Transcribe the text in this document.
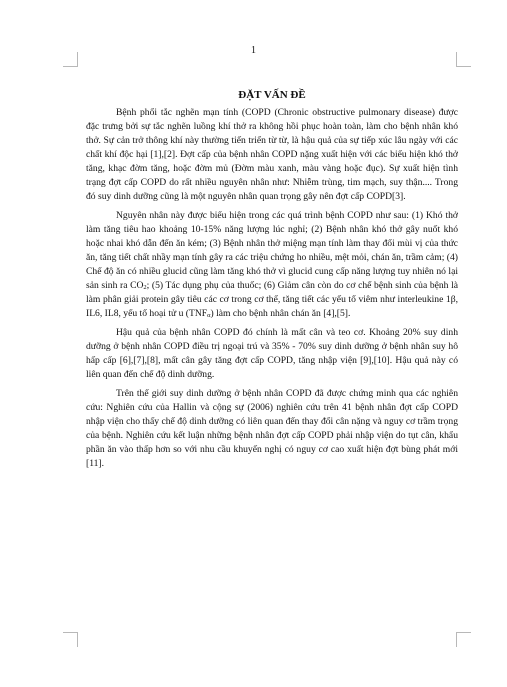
1
ĐẶT VẤN ĐỀ

Bệnh phổi tắc nghẽn mạn tính (COPD (Chronic obstructive pulmonary disease) được đặc trưng bởi sự tắc nghẽn luồng khí thở ra không hồi phục hoàn toàn, làm cho bệnh nhân khó thở. Sự cản trở thông khí này thường tiến triển từ từ, là hậu quả của sự tiếp xúc lâu ngày với các chất khí độc hại [1],[2]. Đợt cấp của bệnh nhân COPD nặng xuất hiện với các biểu hiện khó thở tăng, khạc đờm tăng, hoặc đờm mủ (Đờm màu xanh, màu vàng hoặc đục). Sự xuất hiện tình trạng đợt cấp COPD do rất nhiều nguyên nhân như: Nhiễm trùng, tim mạch, suy thận.... Trong đó suy dinh dưỡng cũng là một nguyên nhân quan trọng gây nên đợt cấp COPD[3].

Nguyên nhân này được biểu hiện trong các quá trình bệnh COPD như sau: (1) Khó thở làm tăng tiêu hao khoảng 10-15% năng lượng lúc nghỉ; (2) Bệnh nhân khó thở gây nuốt khó hoặc nhai khó dẫn đến ăn kém; (3) Bệnh nhân thở miệng mạn tính làm thay đổi mùi vị của thức ăn, tăng tiết chất nhầy mạn tính gây ra các triệu chứng ho nhiều, mệt mỏi, chán ăn, trầm cảm; (4) Chế độ ăn có nhiều glucid cũng làm tăng khó thở vì glucid cung cấp năng lượng tuy nhiên nó lại sản sinh ra $CO_2$; (5) Tác dụng phụ của thuốc; (6) Giảm cân còn do cơ chế bệnh sinh của bệnh là làm phân giải protein gây tiêu các cơ trong cơ thể, tăng tiết các yếu tố viêm như interleukine 1β, IL6, IL8, yếu tố hoại tử u $(TNF_\alpha)$ làm cho bệnh nhân chán ăn [4],[5].

Hậu quả của bệnh nhân COPD đó chính là mất cân và teo cơ. Khoảng 20% suy dinh dưỡng ở bệnh nhân COPD điều trị ngoại trú và 35% - 70% suy dinh dưỡng ở bệnh nhân suy hô hấp cấp [6],[7],[8], mất cân gây tăng đợt cấp COPD, tăng nhập viện [9],[10]. Hậu quả này có liên quan đến chế độ dinh dưỡng.

Trên thế giới suy dinh dưỡng ở bệnh nhân COPD đã được chứng minh qua các nghiên cứu: Nghiên cứu của Hallin và cộng sự (2006) nghiên cứu trên 41 bệnh nhân đợt cấp COPD nhập viện cho thấy chế độ dinh dưỡng có liên quan đến thay đổi cân nặng và nguy cơ trầm trọng của bệnh. Nghiên cứu kết luận những bệnh nhân đợt cấp COPD phải nhập viện do tụt cân, khẩu phần ăn vào thấp hơn so với nhu cầu khuyến nghị có nguy cơ cao xuất hiện đợt bùng phát mới [11].
